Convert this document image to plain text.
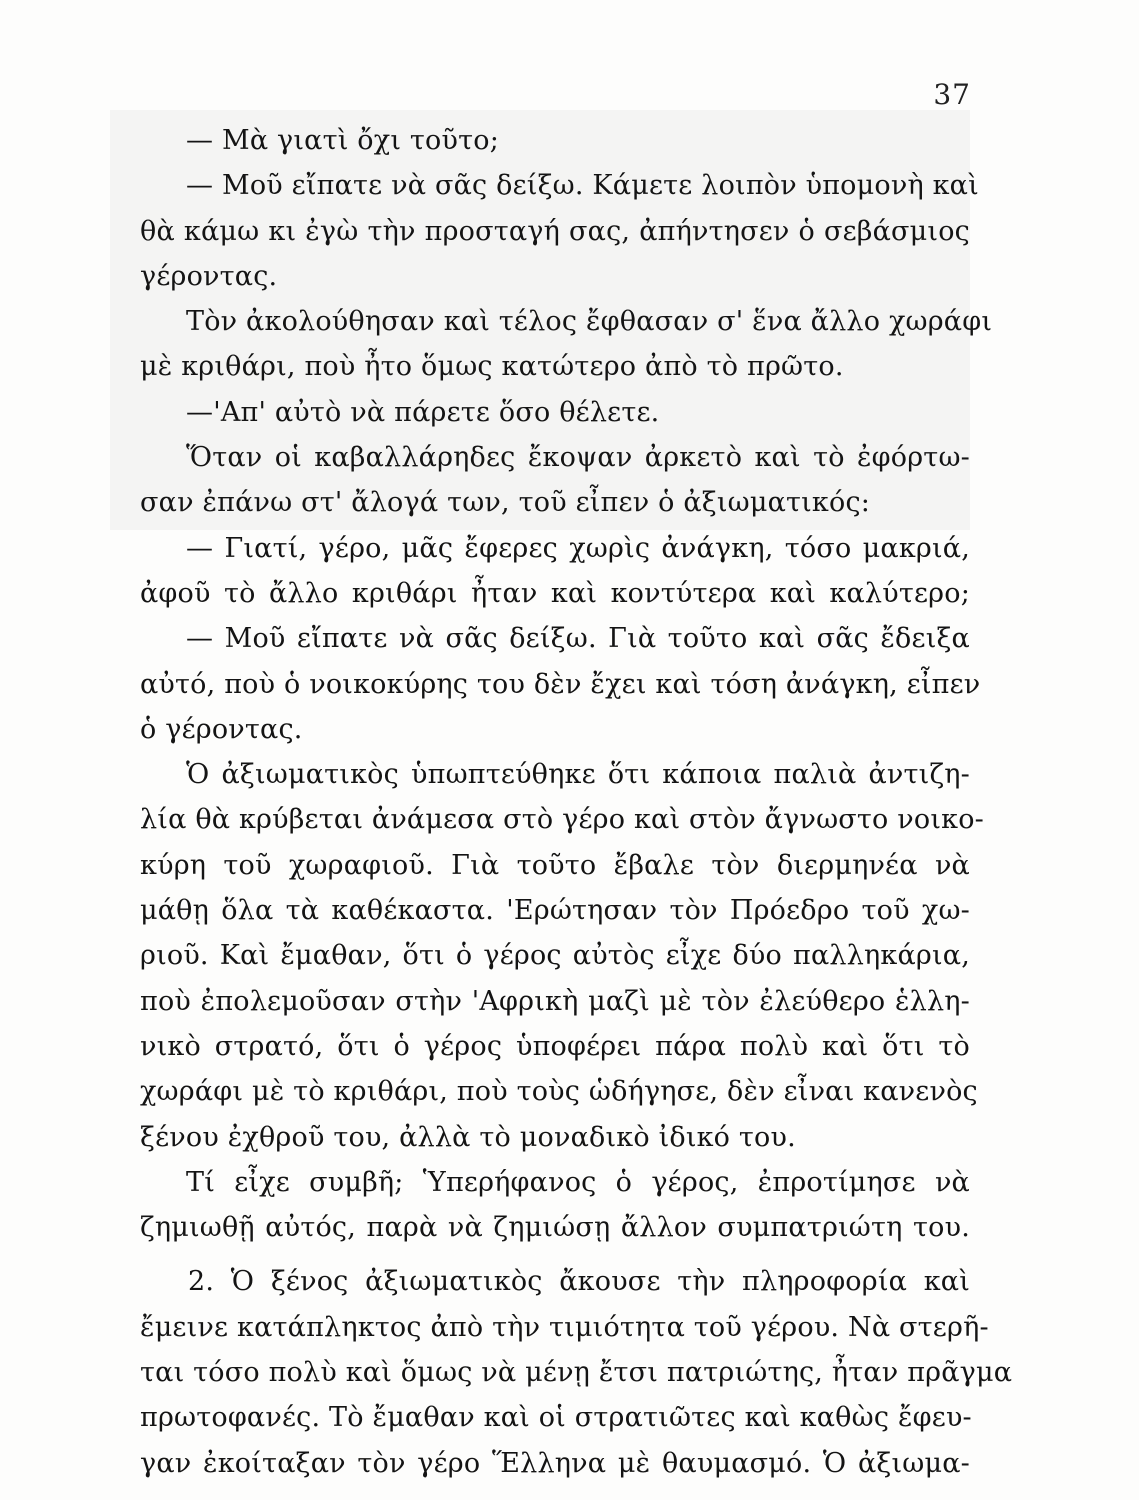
37
— Μὰ γιατὶ ὄχι τοῦτο;
— Μοῦ εἴπατε νὰ σᾶς δείξω. Κάμετε λοιπὸν ὑπομονὴ καὶ
θὰ κάμω κι ἐγὼ τὴν προσταγή σας, ἀπήντησεν ὁ σεβάσμιος
γέροντας.
Τὸν ἀκολούθησαν καὶ τέλος ἔφθασαν σ' ἕνα ἄλλο χωράφι
μὲ κριθάρι, ποὺ ἦτο ὅμως κατώτερο ἀπὸ τὸ πρῶτο.
—'Απ' αὐτὸ νὰ πάρετε ὅσο θέλετε.
Ὅταν οἱ καβαλλάρηδες ἔκοψαν ἀρκετὸ καὶ τὸ ἐφόρτω-
σαν ἐπάνω στ' ἄλογά των, τοῦ εἶπεν ὁ ἀξιωματικός:
— Γιατί, γέρο, μᾶς ἔφερες χωρὶς ἀνάγκη, τόσο μακριά,
ἀφοῦ τὸ ἄλλο κριθάρι ἦταν καὶ κοντύτερα καὶ καλύτερο;
— Μοῦ εἴπατε νὰ σᾶς δείξω. Γιὰ τοῦτο καὶ σᾶς ἔδειξα
αὐτό, ποὺ ὁ νοικοκύρης του δὲν ἔχει καὶ τόση ἀνάγκη, εἶπεν
ὁ γέροντας.
Ὁ ἀξιωματικὸς ὑπωπτεύθηκε ὅτι κάποια παλιὰ ἀντιζη-
λία θὰ κρύβεται ἀνάμεσα στὸ γέρο καὶ στὸν ἄγνωστο νοικο-
κύρη τοῦ χωραφιοῦ. Γιὰ τοῦτο ἔβαλε τὸν διερμηνέα νὰ
μάθῃ ὅλα τὰ καθέκαστα. 'Ερώτησαν τὸν Πρόεδρο τοῦ χω-
ριοῦ. Καὶ ἔμαθαν, ὅτι ὁ γέρος αὐτὸς εἶχε δύο παλληκάρια,
ποὺ ἐπολεμοῦσαν στὴν 'Αφρικὴ μαζὶ μὲ τὸν ἐλεύθερο ἑλλη-
νικὸ στρατό, ὅτι ὁ γέρος ὑποφέρει πάρα πολὺ καὶ ὅτι τὸ
χωράφι μὲ τὸ κριθάρι, ποὺ τοὺς ὡδήγησε, δὲν εἶναι κανενὸς
ξένου ἐχθροῦ του, ἀλλὰ τὸ μοναδικὸ ἰδικό του.
Τί εἶχε συμβῆ; Ὑπερήφανος ὁ γέρος, ἐπροτίμησε νὰ
ζημιωθῇ αὐτός, παρὰ νὰ ζημιώσῃ ἄλλον συμπατριώτη του.
2. Ὁ ξένος ἀξιωματικὸς ἄκουσε τὴν πληροφορία καὶ
ἔμεινε κατάπληκτος ἀπὸ τὴν τιμιότητα τοῦ γέρου. Νὰ στερῆ-
ται τόσο πολὺ καὶ ὅμως νὰ μένῃ ἔτσι πατριώτης, ἦταν πρᾶγμα
πρωτοφανές. Τὸ ἔμαθαν καὶ οἱ στρατιῶτες καὶ καθὼς ἔφευ-
γαν ἐκοίταξαν τὸν γέρο Ἕλληνα μὲ θαυμασμό. Ὁ ἀξιωμα-
